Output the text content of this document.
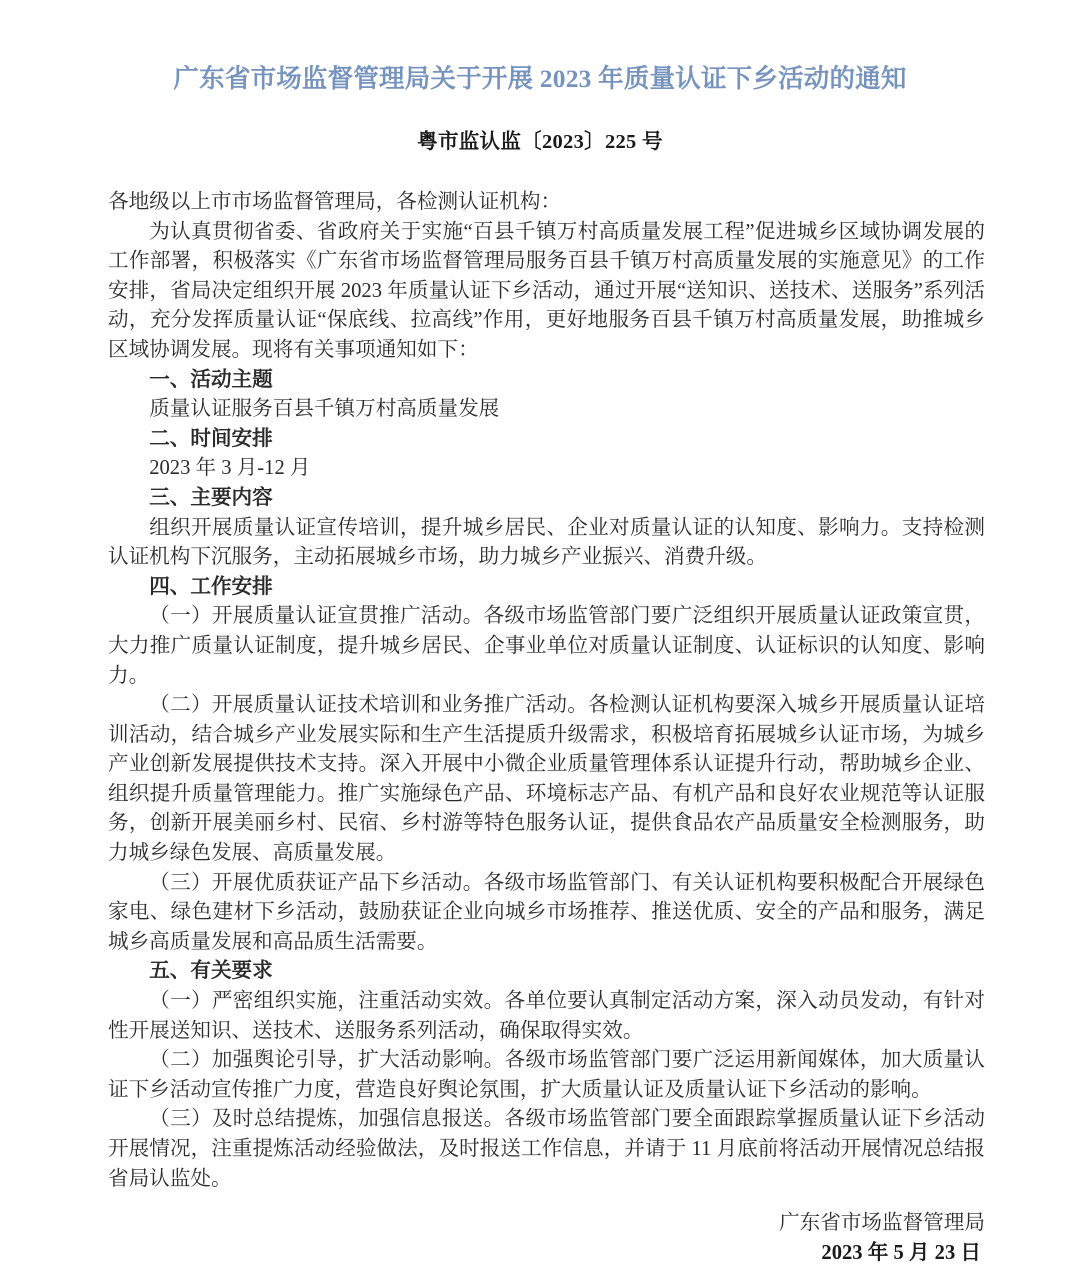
广东省市场监督管理局关于开展 2023 年质量认证下乡活动的通知
粤市监认监〔2023〕225 号

各地级以上市市场监督管理局，各检测认证机构：

为认真贯彻省委、省政府关于实施“百县千镇万村高质量发展工程”促进城乡区域协调发展的工作部署，积极落实《广东省市场监督管理局服务百县千镇万村高质量发展的实施意见》的工作安排，省局决定组织开展 2023 年质量认证下乡活动，通过开展“送知识、送技术、送服务”系列活动，充分发挥质量认证“保底线、拉高线”作用，更好地服务百县千镇万村高质量发展，助推城乡区域协调发展。现将有关事项通知如下：

一、活动主题

质量认证服务百县千镇万村高质量发展

二、时间安排

2023 年 3 月-12 月

三、主要内容

组织开展质量认证宣传培训，提升城乡居民、企业对质量认证的认知度、影响力。支持检测认证机构下沉服务，主动拓展城乡市场，助力城乡产业振兴、消费升级。

四、工作安排

（一）开展质量认证宣贯推广活动。各级市场监管部门要广泛组织开展质量认证政策宣贯，大力推广质量认证制度，提升城乡居民、企事业单位对质量认证制度、认证标识的认知度、影响力。

（二）开展质量认证技术培训和业务推广活动。各检测认证机构要深入城乡开展质量认证培训活动，结合城乡产业发展实际和生产生活提质升级需求，积极培育拓展城乡认证市场，为城乡产业创新发展提供技术支持。深入开展中小微企业质量管理体系认证提升行动，帮助城乡企业、组织提升质量管理能力。推广实施绿色产品、环境标志产品、有机产品和良好农业规范等认证服务，创新开展美丽乡村、民宿、乡村游等特色服务认证，提供食品农产品质量安全检测服务，助力城乡绿色发展、高质量发展。

（三）开展优质获证产品下乡活动。各级市场监管部门、有关认证机构要积极配合开展绿色家电、绿色建材下乡活动，鼓励获证企业向城乡市场推荐、推送优质、安全的产品和服务，满足城乡高质量发展和高品质生活需要。

五、有关要求

（一）严密组织实施，注重活动实效。各单位要认真制定活动方案，深入动员发动，有针对性开展送知识、送技术、送服务系列活动，确保取得实效。

（二）加强舆论引导，扩大活动影响。各级市场监管部门要广泛运用新闻媒体，加大质量认证下乡活动宣传推广力度，营造良好舆论氛围，扩大质量认证及质量认证下乡活动的影响。

（三）及时总结提炼，加强信息报送。各级市场监管部门要全面跟踪掌握质量认证下乡活动开展情况，注重提炼活动经验做法，及时报送工作信息，并请于 11 月底前将活动开展情况总结报省局认监处。

广东省市场监督管理局
2023 年 5 月 23 日
